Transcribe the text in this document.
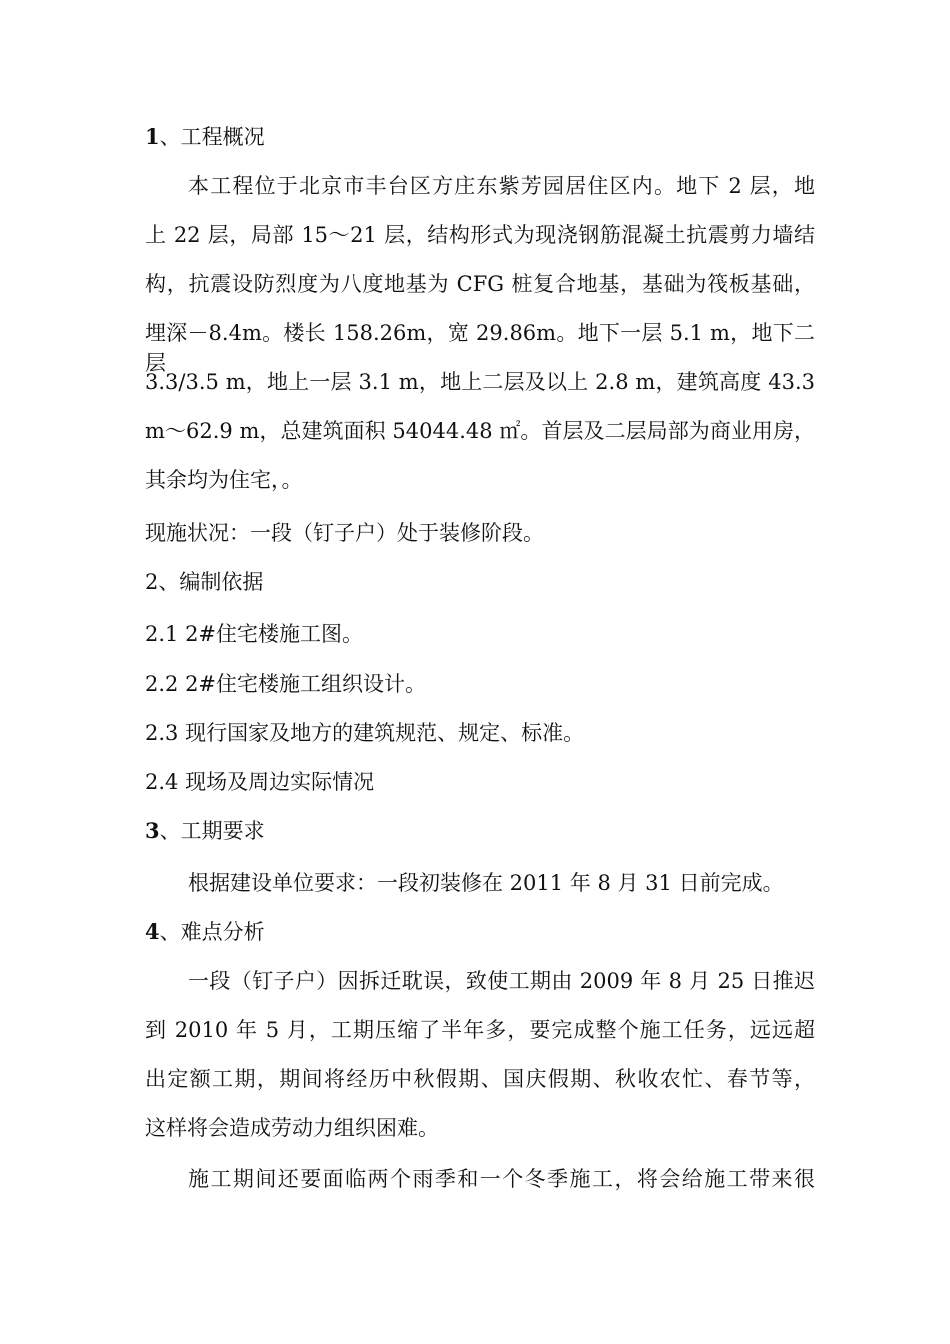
1、工程概况
本工程位于北京市丰台区方庄东紫芳园居住区内。地下 2 层，地
上 22 层，局部 15～21 层，结构形式为现浇钢筋混凝土抗震剪力墙结
构，抗震设防烈度为八度地基为 CFG 桩复合地基，基础为筏板基础，
埋深－8.4m。楼长 158.26m，宽 29.86m。地下一层 5.1 m，地下二层
3.3/3.5 m，地上一层 3.1 m，地上二层及以上 2.8 m，建筑高度 43.3
m～62.9 m，总建筑面积 54044.48 ㎡。首层及二层局部为商业用房，
其余均为住宅，。
现施状况：一段（钉子户）处于装修阶段。
2、编制依据
2.1 2#住宅楼施工图。
2.2 2#住宅楼施工组织设计。
2.3 现行国家及地方的建筑规范、规定、标准。
2.4 现场及周边实际情况
3、工期要求
根据建设单位要求：一段初装修在 2011 年 8 月 31 日前完成。
4、难点分析
一段（钉子户）因拆迁耽误，致使工期由 2009 年 8 月 25 日推迟
到 2010 年 5 月，工期压缩了半年多，要完成整个施工任务，远远超
出定额工期，期间将经历中秋假期、国庆假期、秋收农忙、春节等，
这样将会造成劳动力组织困难。
施工期间还要面临两个雨季和一个冬季施工，将会给施工带来很
